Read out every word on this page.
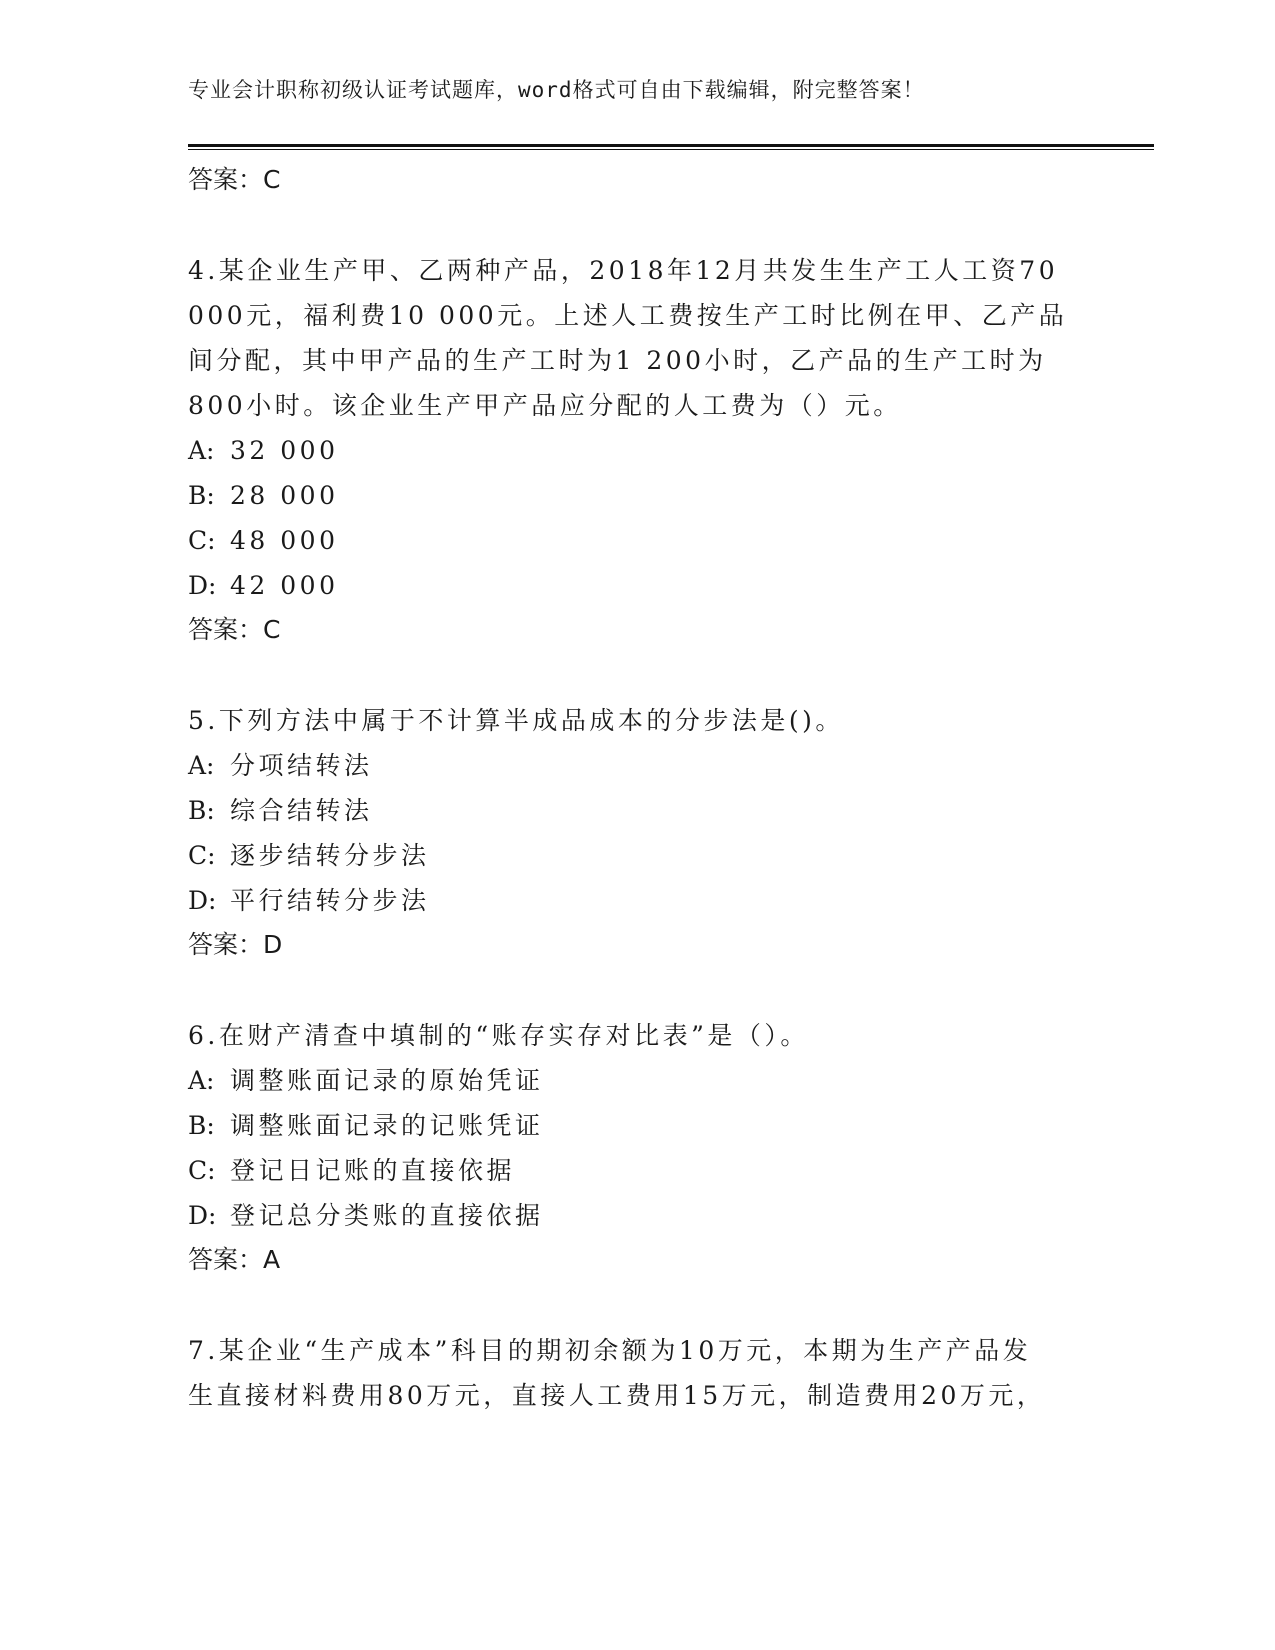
专业会计职称初级认证考试题库，word格式可自由下载编辑，附完整答案！
答案：C
4.某企业生产甲、乙两种产品，2018年12月共发生生产工人工资70
000元，福利费10 000元。上述人工费按生产工时比例在甲、乙产品
间分配，其中甲产品的生产工时为1 200小时，乙产品的生产工时为
800小时。该企业生产甲产品应分配的人工费为（）元。
A: 32 000
B: 28 000
C: 48 000
D: 42 000
答案：C
5.下列方法中属于不计算半成品成本的分步法是()。
A: 分项结转法
B: 综合结转法
C: 逐步结转分步法
D: 平行结转分步法
答案：D
6.在财产清查中填制的“账存实存对比表”是（）。
A: 调整账面记录的原始凭证
B: 调整账面记录的记账凭证
C: 登记日记账的直接依据
D: 登记总分类账的直接依据
答案：A
7.某企业“生产成本”科目的期初余额为10万元，本期为生产产品发
生直接材料费用80万元，直接人工费用15万元，制造费用20万元，
